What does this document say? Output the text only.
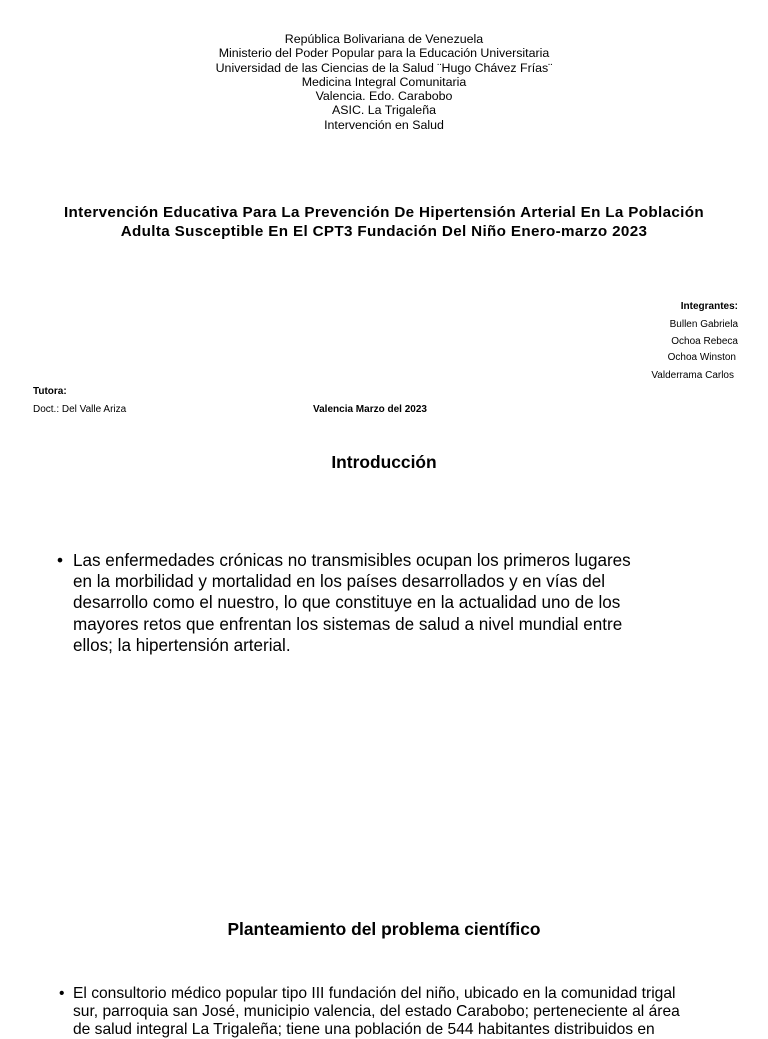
República Bolivariana de Venezuela
Ministerio del Poder Popular para la Educación Universitaria
Universidad de las Ciencias de la Salud ¨Hugo Chávez Frías¨
Medicina Integral Comunitaria
Valencia. Edo. Carabobo
ASIC. La Trigaleña
Intervención en Salud
Intervención Educativa Para La Prevención De Hipertensión Arterial En La Población
Adulta Susceptible En El CPT3 Fundación Del Niño Enero-marzo 2023
Integrantes:
Bullen Gabriela
Ochoa Rebeca
Ochoa Winston
Valderrama Carlos
Tutora:
Doct.: Del Valle Ariza	Valencia Marzo del 2023
Introducción
• Las enfermedades crónicas no transmisibles ocupan los primeros lugares
en la morbilidad y mortalidad en los países desarrollados y en vías del
desarrollo como el nuestro, lo que constituye en la actualidad uno de los
mayores retos que enfrentan los sistemas de salud a nivel mundial entre
ellos; la hipertensión arterial.
Planteamiento del problema científico
• El consultorio médico popular tipo III fundación del niño, ubicado en la comunidad trigal
sur, parroquia san José, municipio valencia, del estado Carabobo; perteneciente al área
de salud integral La Trigaleña; tiene una población de 544 habitantes distribuidos en
